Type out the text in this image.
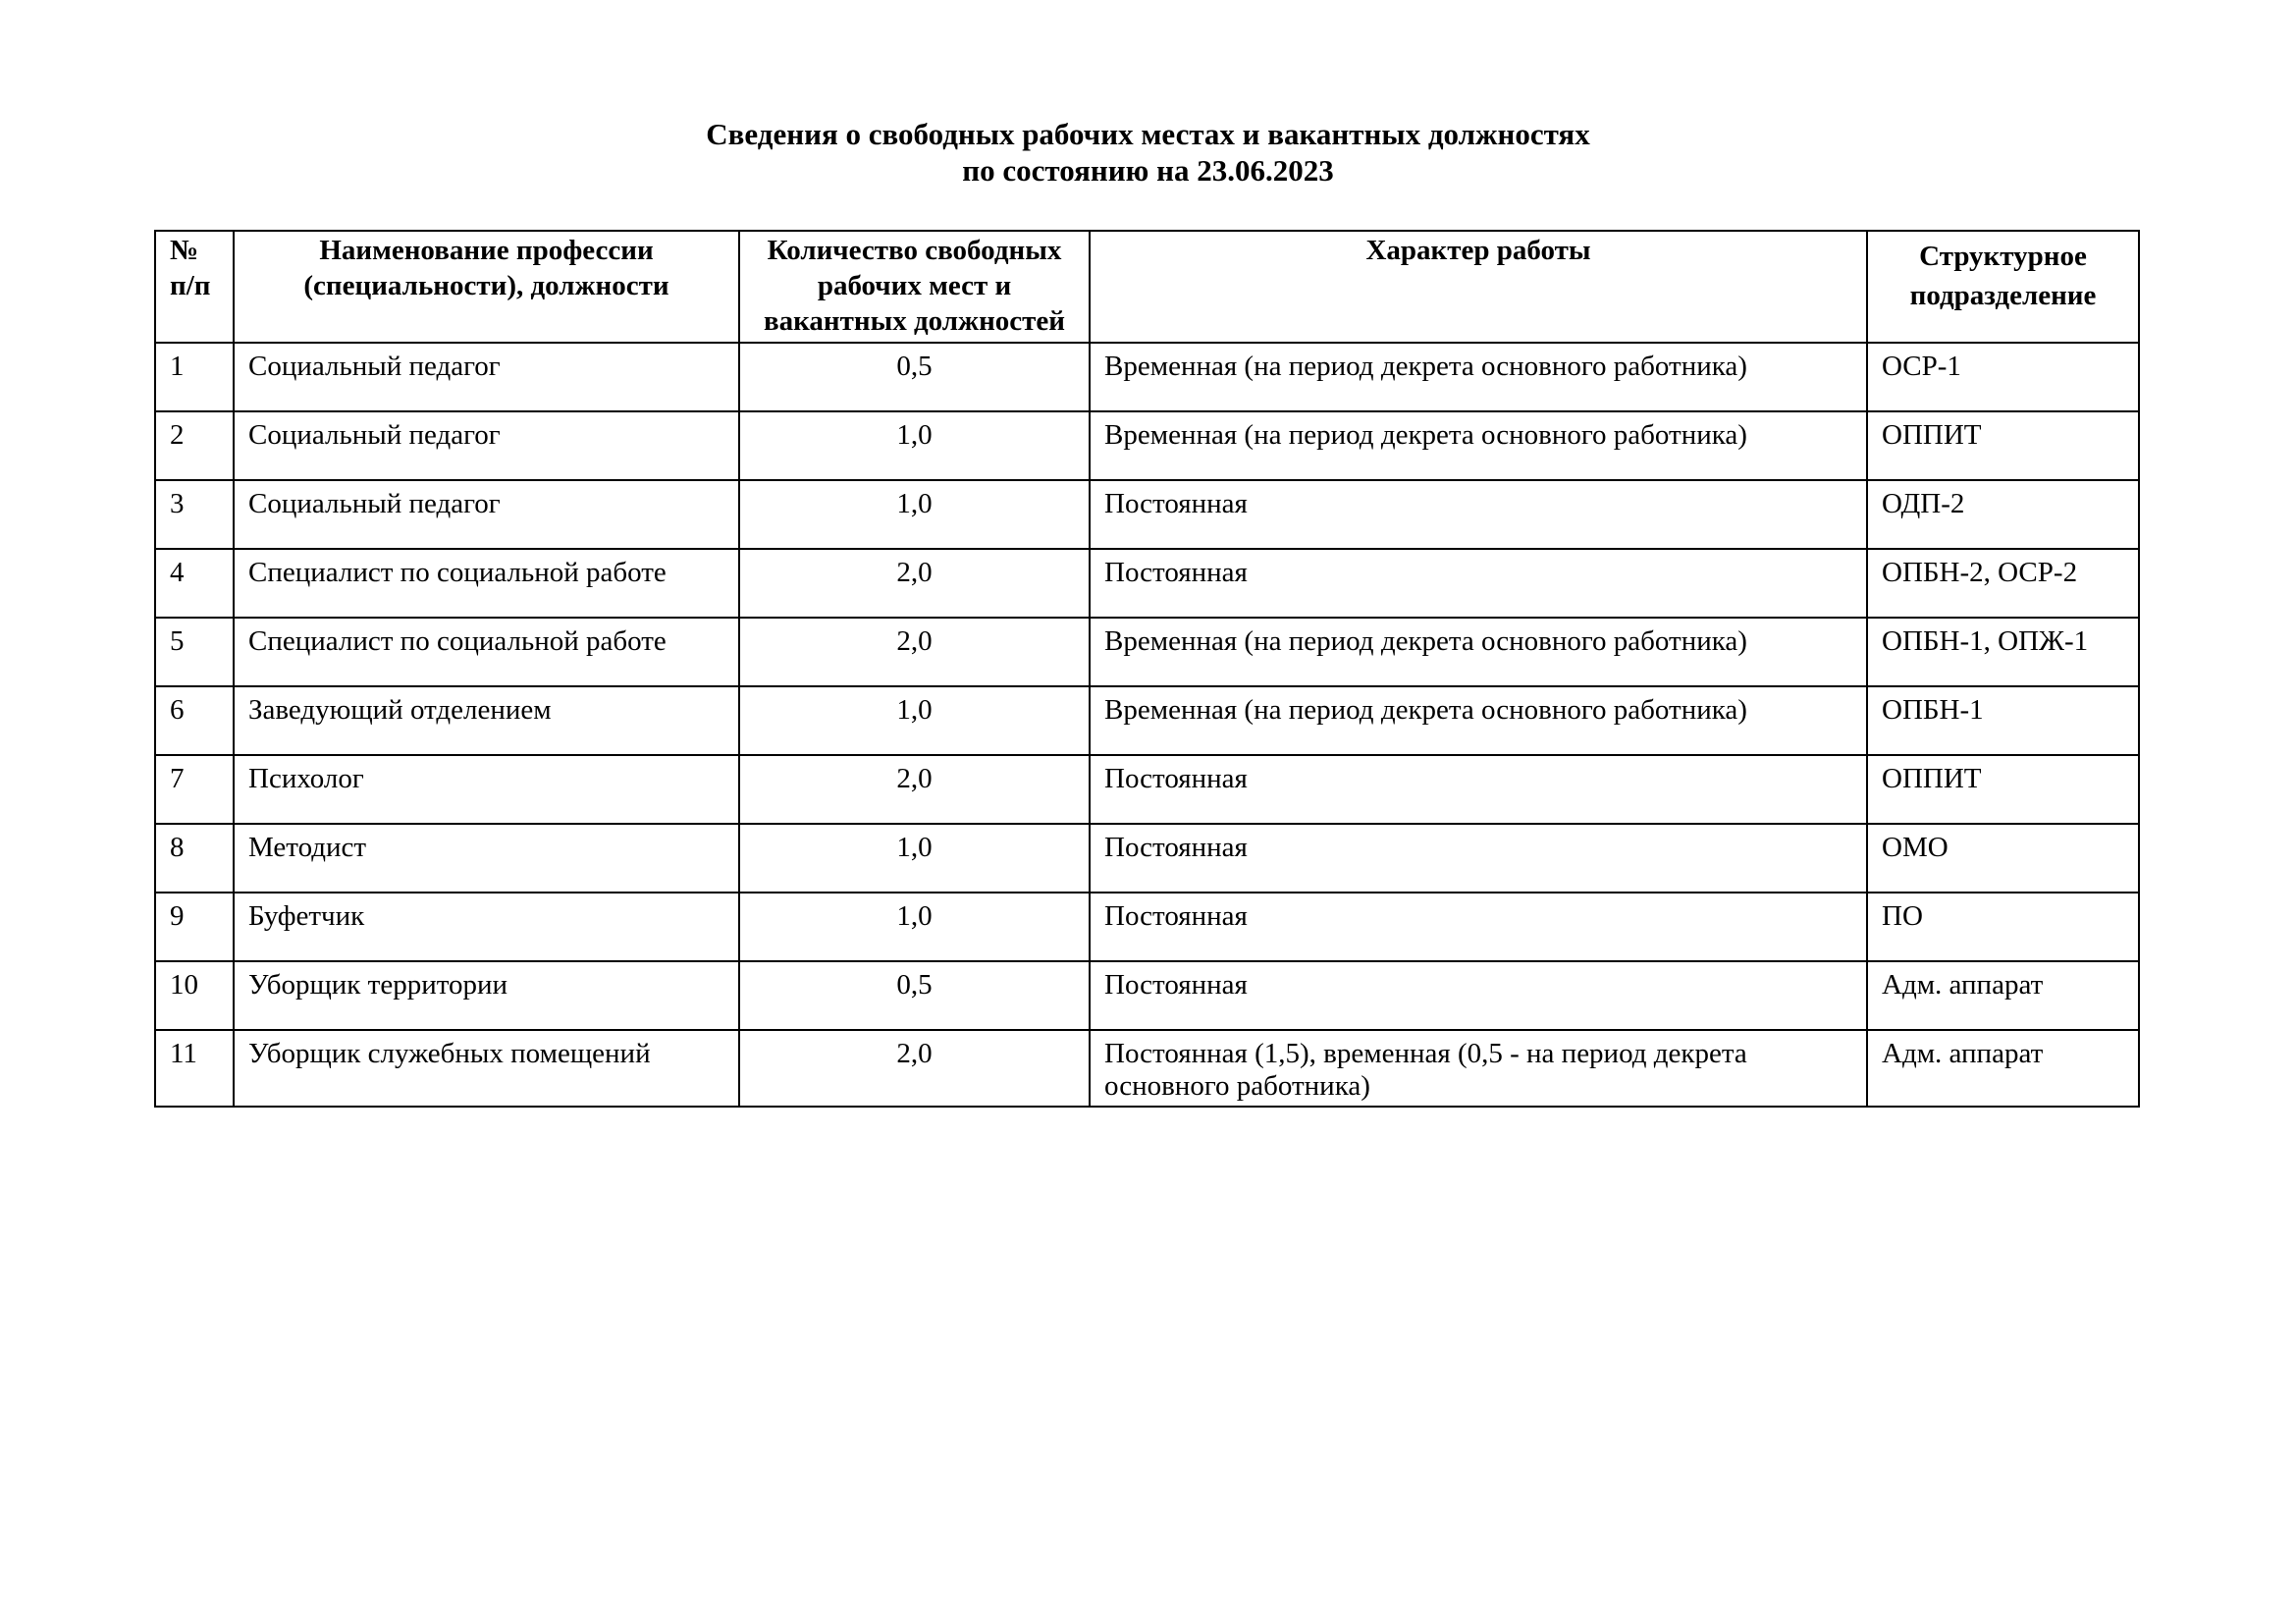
Сведения о свободных рабочих местах и вакантных должностях
по состоянию на 23.06.2023
№ п/п	Наименование профессии (специальности), должности	Количество свободных рабочих мест и вакантных должностей	Характер работы	Структурное подразделение
1	Социальный педагог	0,5	Временная (на период декрета основного работника)	ОСР-1
2	Социальный педагог	1,0	Временная (на период декрета основного работника)	ОППИТ
3	Социальный педагог	1,0	Постоянная	ОДП-2
4	Специалист по социальной работе	2,0	Постоянная	ОПБН-2, ОСР-2
5	Специалист по социальной работе	2,0	Временная (на период декрета основного работника)	ОПБН-1, ОПЖ-1
6	Заведующий отделением	1,0	Временная (на период декрета основного работника)	ОПБН-1
7	Психолог	2,0	Постоянная	ОППИТ
8	Методист	1,0	Постоянная	ОМО
9	Буфетчик	1,0	Постоянная	ПО
10	Уборщик территории	0,5	Постоянная	Адм. аппарат
11	Уборщик служебных помещений	2,0	Постоянная (1,5), временная (0,5 - на период декрета основного работника)	Адм. аппарат
